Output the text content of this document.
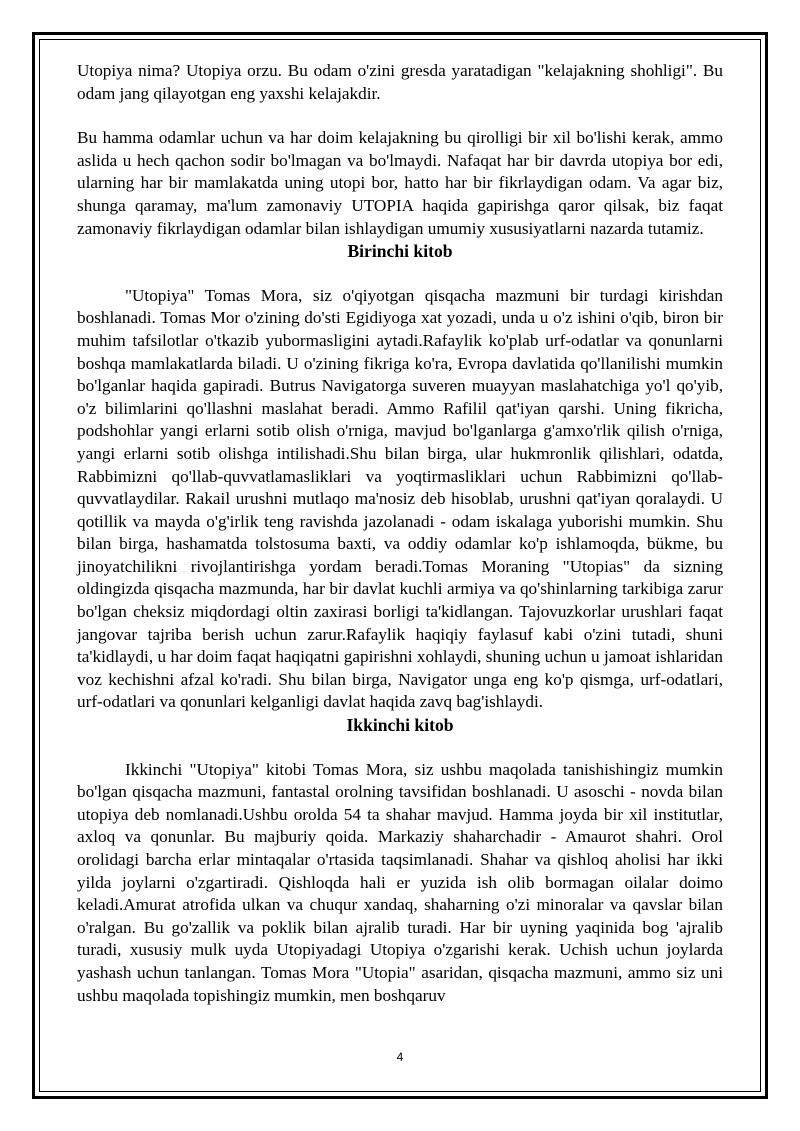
Utopiya nima? Utopiya orzu. Bu odam o'zini gresda yaratadigan "kelajakning shohligi". Bu odam jang qilayotgan eng yaxshi kelajakdir.

Bu hamma odamlar uchun va har doim kelajakning bu qirolligi bir xil bo'lishi kerak, ammo aslida u hech qachon sodir bo'lmagan va bo'lmaydi. Nafaqat har bir davrda utopiya bor edi, ularning har bir mamlakatda uning utopi bor, hatto har bir fikrlaydigan odam. Va agar biz, shunga qaramay, ma'lum zamonaviy UTOPIA haqida gapirishga qaror qilsak, biz faqat zamonaviy fikrlaydigan odamlar bilan ishlaydigan umumiy xususiyatlarni nazarda tutamiz.

Birinchi kitob

"Utopiya" Tomas Mora, siz o'qiyotgan qisqacha mazmuni bir turdagi kirishdan boshlanadi. Tomas Mor o'zining do'sti Egidiyoga xat yozadi, unda u o'z ishini o'qib, biron bir muhim tafsilotlar o'tkazib yubormasligini aytadi.Rafaylik ko'plab urf-odatlar va qonunlarni boshqa mamlakatlarda biladi. U o'zining fikriga ko'ra, Evropa davlatida qo'llanilishi mumkin bo'lganlar haqida gapiradi. Butrus Navigatorga suveren muayyan maslahatchiga yo'l qo'yib, o'z bilimlarini qo'llashni maslahat beradi. Ammo Rafilil qat'iyan qarshi. Uning fikricha, podshohlar yangi erlarni sotib olish o'rniga, mavjud bo'lganlarga g'amxo'rlik qilish o'rniga, yangi erlarni sotib olishga intilishadi.Shu bilan birga, ular hukmronlik qilishlari, odatda, Rabbimizni qo'llab-quvvatlamasliklari va yoqtirmasliklari uchun Rabbimizni qo'llab-quvvatlaydilar. Rakail urushni mutlaqo ma'nosiz deb hisoblab, urushni qat'iyan qoralaydi. U qotillik va mayda o'g'irlik teng ravishda jazolanadi - odam iskalaga yuborishi mumkin. Shu bilan birga, hashamatda tolstosuma baxti, va oddiy odamlar ko'p ishlamoqda, bükme, bu jinoyatchilikni rivojlantirishga yordam beradi.Tomas Moraning "Utopias" da sizning oldingizda qisqacha mazmunda, har bir davlat kuchli armiya va qo'shinlarning tarkibiga zarur bo'lgan cheksiz miqdordagi oltin zaxirasi borligi ta'kidlangan. Tajovuzkorlar urushlari faqat jangovar tajriba berish uchun zarur.Rafaylik haqiqiy faylasuf kabi o'zini tutadi, shuni ta'kidlaydi, u har doim faqat haqiqatni gapirishni xohlaydi, shuning uchun u jamoat ishlaridan voz kechishni afzal ko'radi. Shu bilan birga, Navigator unga eng ko'p qismga, urf-odatlari, urf-odatlari va qonunlari kelganligi davlat haqida zavq bag'ishlaydi.

Ikkinchi kitob

Ikkinchi "Utopiya" kitobi Tomas Mora, siz ushbu maqolada tanishishingiz mumkin bo'lgan qisqacha mazmuni, fantastal orolning tavsifidan boshlanadi. U asoschi - novda bilan utopiya deb nomlanadi.Ushbu orolda 54 ta shahar mavjud. Hamma joyda bir xil institutlar, axloq va qonunlar. Bu majburiy qoida. Markaziy shaharchadir - Amaurot shahri. Orol orolidagi barcha erlar mintaqalar o'rtasida taqsimlanadi. Shahar va qishloq aholisi har ikki yilda joylarni o'zgartiradi. Qishloqda hali er yuzida ish olib bormagan oilalar doimo keladi.Amurat atrofida ulkan va chuqur xandaq, shaharning o'zi minoralar va qavslar bilan o'ralgan. Bu go'zallik va poklik bilan ajralib turadi. Har bir uyning yaqinida bog 'ajralib turadi, xususiy mulk uyda Utopiyadagi Utopiya o'zgarishi kerak. Uchish uchun joylarda yashash uchun tanlangan. Tomas Mora "Utopia" asaridan, qisqacha mazmuni, ammo siz uni ushbu maqolada topishingiz mumkin, men boshqaruv

4
